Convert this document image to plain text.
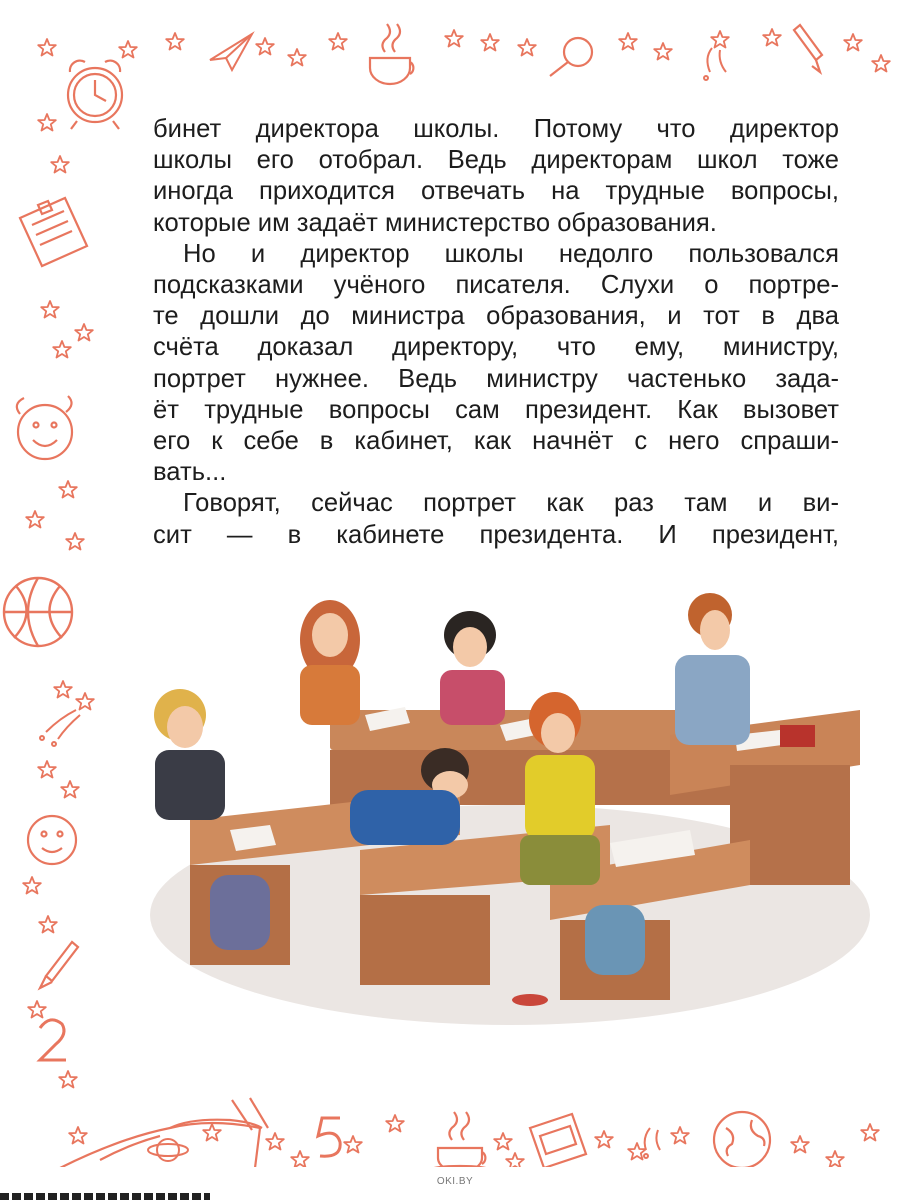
бинет директора школы. Потому что директор
школы его отобрал. Ведь директорам школ тоже
иногда приходится отвечать на трудные вопросы,
которые им задаёт министерство образования.

Но и директор школы недолго пользовался
подсказками учёного писателя. Слухи о портре-
те дошли до министра образования, и тот в два
счёта доказал директору, что ему, министру,
портрет нужнее. Ведь министру частенько зада-
ёт трудные вопросы сам президент. Как вызовет
его к себе в кабинет, как начнёт с него спраши-
вать...

Говорят, сейчас портрет как раз там и ви-
сит — в кабинете президента. И президент,

OKI.BY
